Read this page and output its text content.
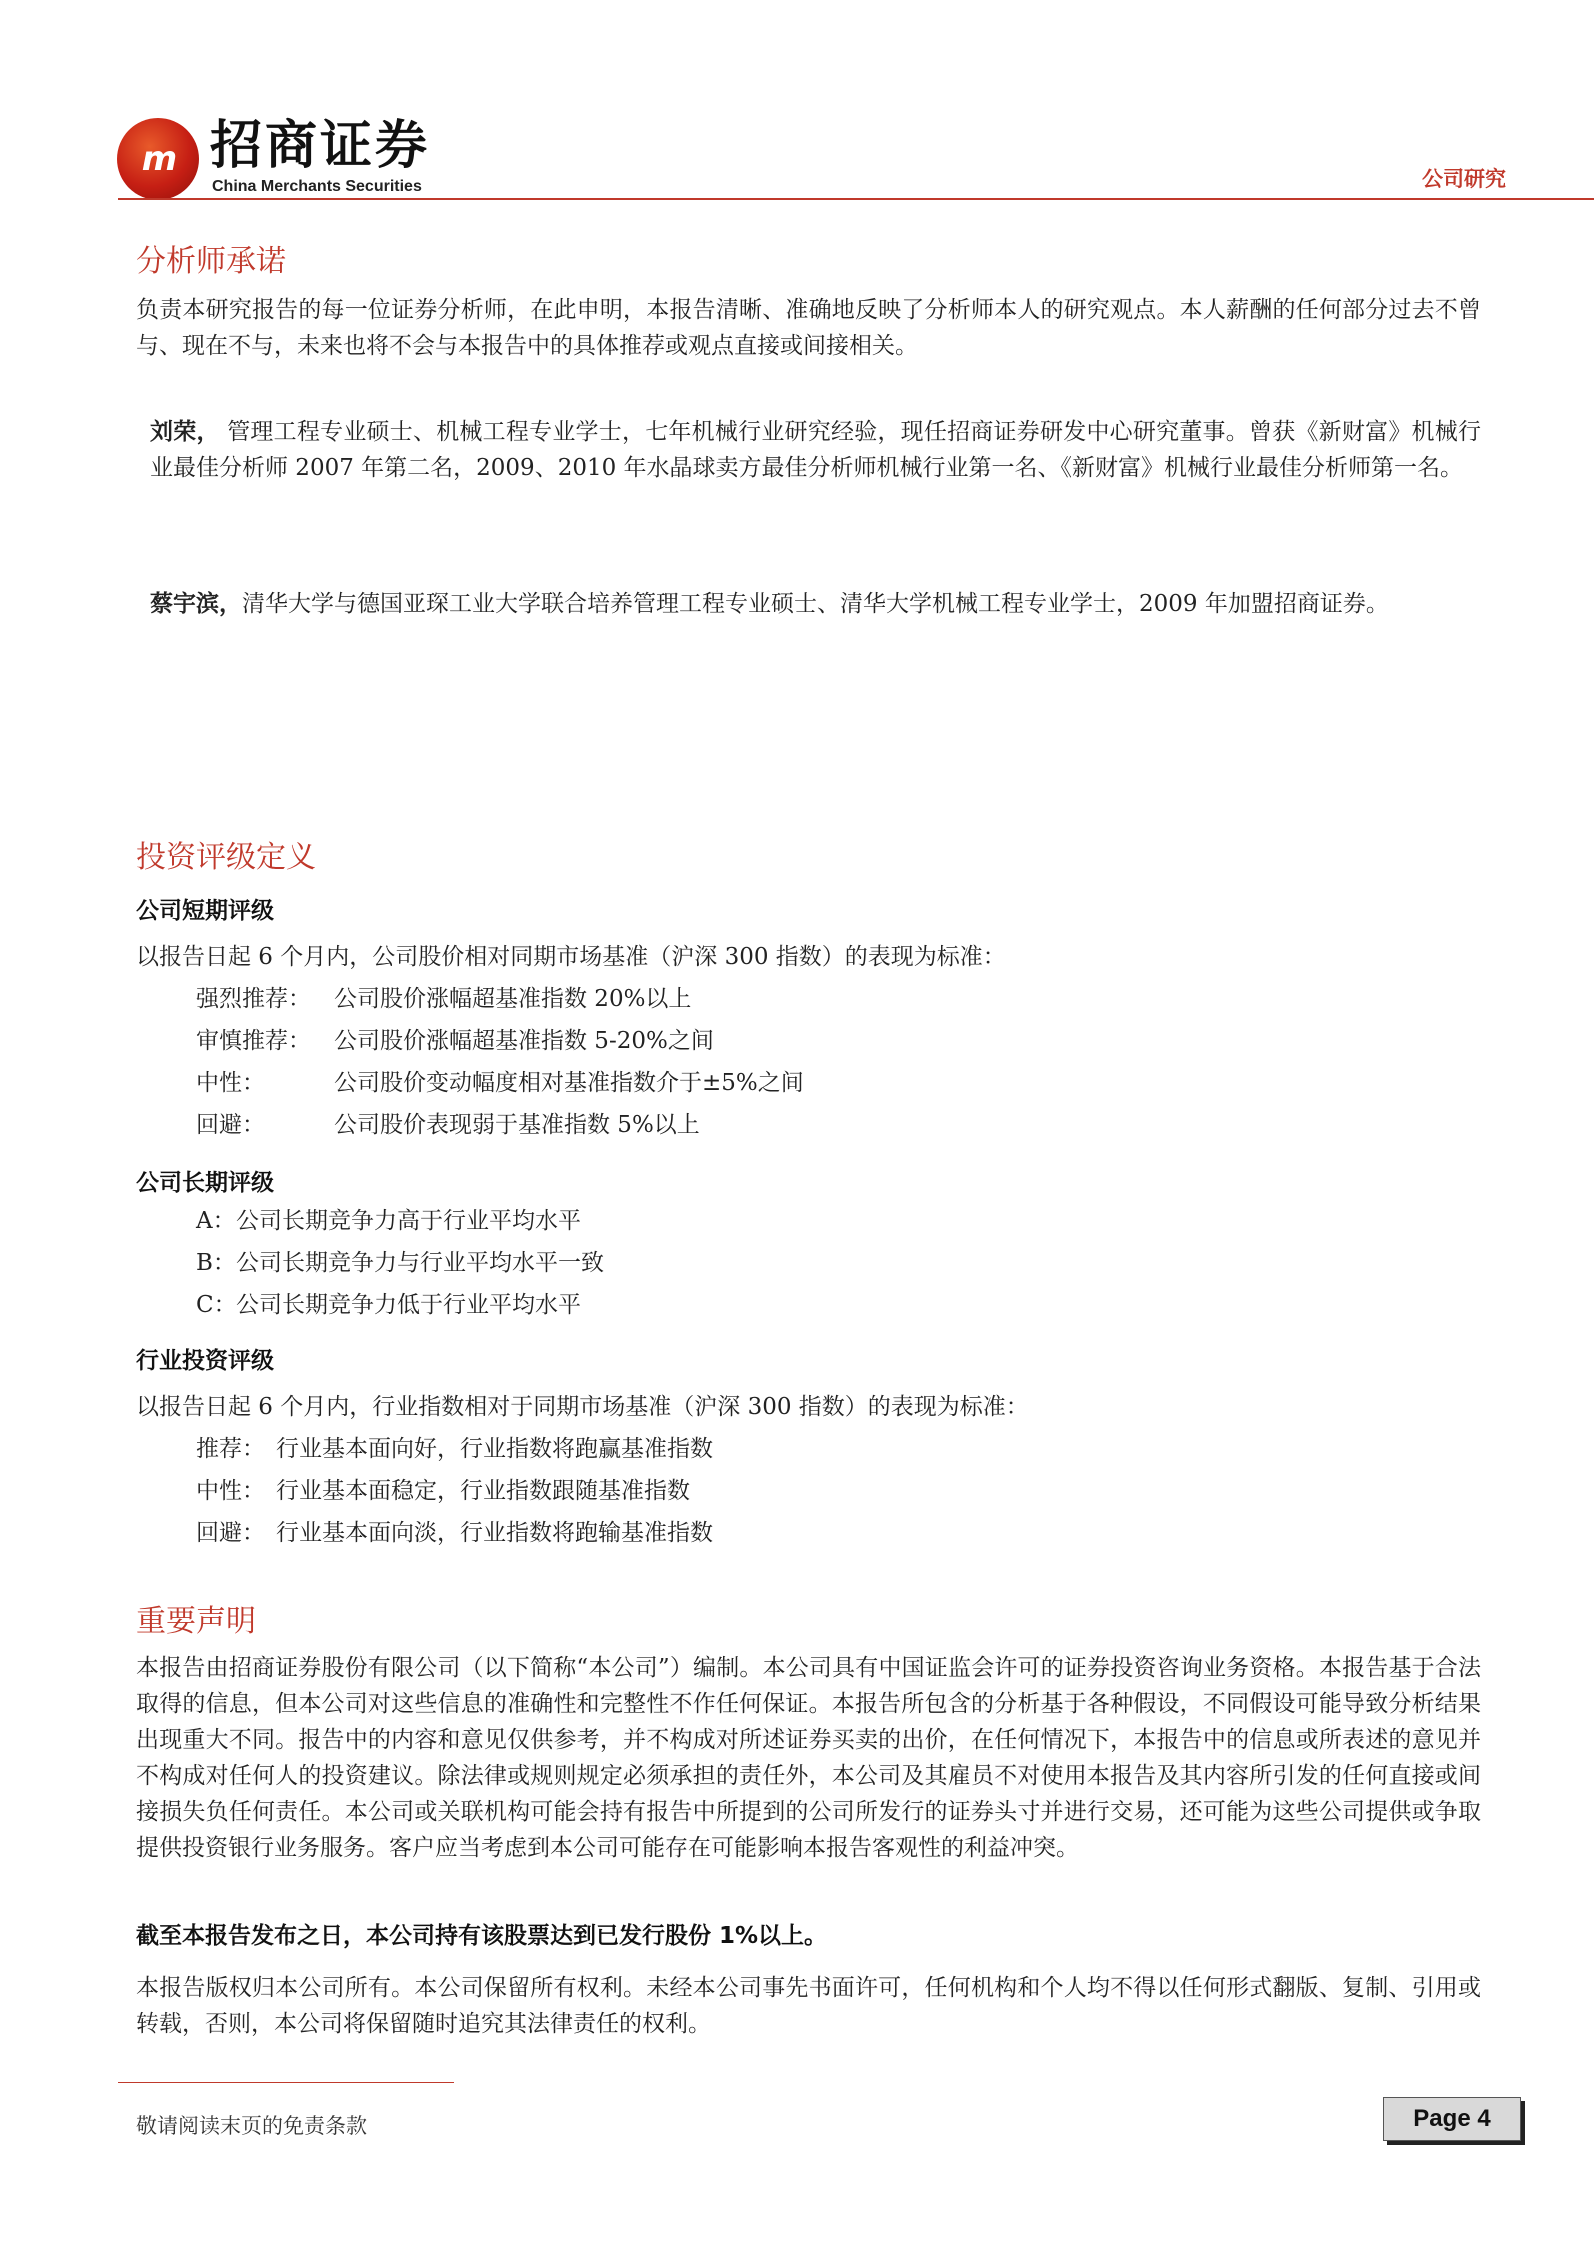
m 招商证券
China Merchants Securities	公司研究
分析师承诺
负责本研究报告的每一位证券分析师，在此申明，本报告清晰、准确地反映了分析师本人的研究观点。本人薪酬的任何部分过去不曾与、现在不与，未来也将不会与本报告中的具体推荐或观点直接或间接相关。
刘荣， 管理工程专业硕士、机械工程专业学士，七年机械行业研究经验，现任招商证券研发中心研究董事。曾获《新财富》机械行业最佳分析师 2007 年第二名，2009、2010 年水晶球卖方最佳分析师机械行业第一名、《新财富》机械行业最佳分析师第一名。
蔡宇滨，清华大学与德国亚琛工业大学联合培养管理工程专业硕士、清华大学机械工程专业学士，2009 年加盟招商证券。
投资评级定义
公司短期评级
以报告日起 6 个月内，公司股价相对同期市场基准（沪深 300 指数）的表现为标准：
强烈推荐： 公司股价涨幅超基准指数 20%以上
审慎推荐： 公司股价涨幅超基准指数 5-20%之间
中性：	公司股价变动幅度相对基准指数介于±5%之间
回避：	公司股价表现弱于基准指数 5%以上
公司长期评级
A：公司长期竞争力高于行业平均水平
B：公司长期竞争力与行业平均水平一致
C：公司长期竞争力低于行业平均水平
行业投资评级
以报告日起 6 个月内，行业指数相对于同期市场基准（沪深 300 指数）的表现为标准：
推荐： 行业基本面向好，行业指数将跑赢基准指数
中性： 行业基本面稳定，行业指数跟随基准指数
回避： 行业基本面向淡，行业指数将跑输基准指数
重要声明
本报告由招商证券股份有限公司（以下简称“本公司”）编制。本公司具有中国证监会许可的证券投资咨询业务资格。本报告基于合法取得的信息，但本公司对这些信息的准确性和完整性不作任何保证。本报告所包含的分析基于各种假设，不同假设可能导致分析结果出现重大不同。报告中的内容和意见仅供参考，并不构成对所述证券买卖的出价，在任何情况下，本报告中的信息或所表述的意见并不构成对任何人的投资建议。除法律或规则规定必须承担的责任外，本公司及其雇员不对使用本报告及其内容所引发的任何直接或间接损失负任何责任。本公司或关联机构可能会持有报告中所提到的公司所发行的证券头寸并进行交易，还可能为这些公司提供或争取提供投资银行业务服务。客户应当考虑到本公司可能存在可能影响本报告客观性的利益冲突。
截至本报告发布之日，本公司持有该股票达到已发行股份 1%以上。
本报告版权归本公司所有。本公司保留所有权利。未经本公司事先书面许可，任何机构和个人均不得以任何形式翻版、复制、引用或转载，否则，本公司将保留随时追究其法律责任的权利。
敬请阅读末页的免责条款	Page 4
